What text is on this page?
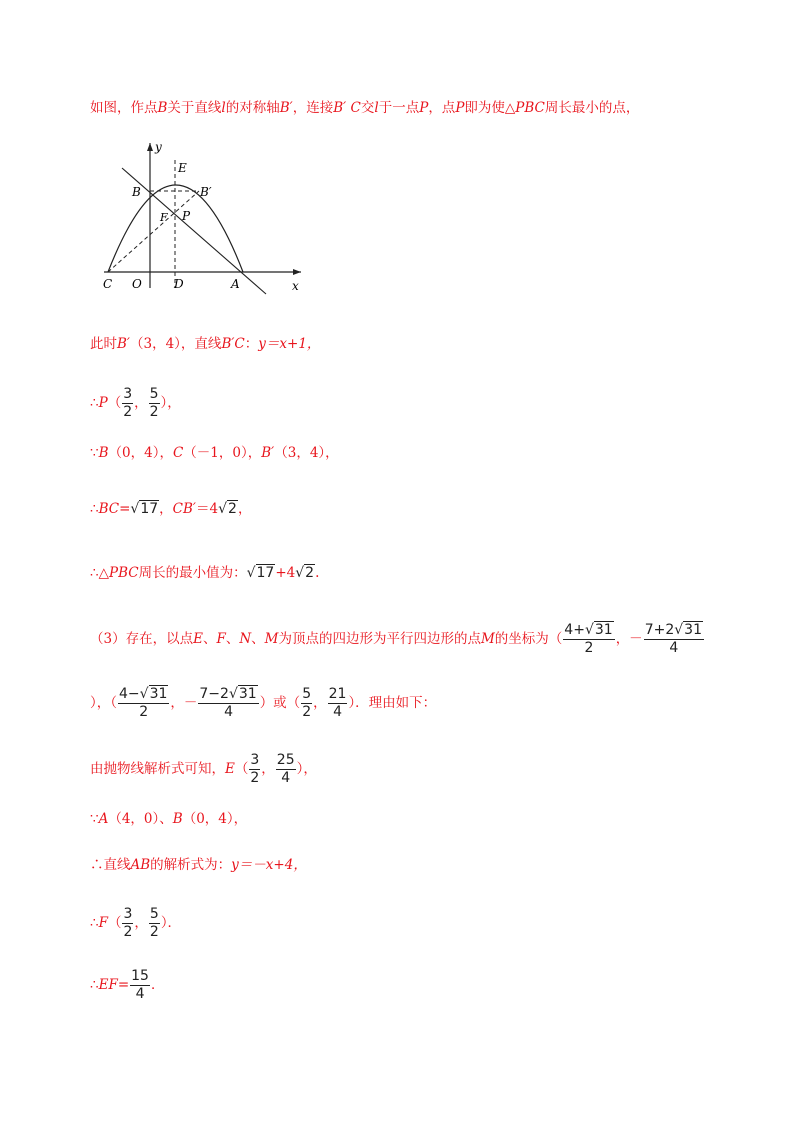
如图，作点B关于直线l的对称轴B′，连接B′ C交l于一点P，点P即为使△PBC周长最小的点，
y
x
E
B	B′
F P
C O	D	A
此时B′（3，4），直线B′C：y＝x+1，
∴P（ $\frac{3}{2}$ ， $\frac{5}{2}$ ），
∵B（0，4），C（－1，0），B′（3，4），
∴BC=√17，CB′＝4√2，
∴△PBC周长的最小值为：√17+4√2.
（3）存在，以点E、F、N、M为顶点的四边形为平行四边形的点M的坐标为（ $\frac{4+√31}{2}$ ，－ $\frac{7+2√31}{4}$
），（ $\frac{4-√31}{2}$ ，－ $\frac{7-2√31}{4}$ ）或（ $\frac{5}{2}$ ， $\frac{21}{4}$ ）．理由如下：
由抛物线解析式可知，$E( \frac{3}{2}$ ， $\frac{25}{4}$ ），
∵A（4，0）、B（0，4），
∴直线AB的解析式为：y＝－x+4，
∴F（ $\frac{3}{2}$ ， $\frac{5}{2}$ ）．
∴EF= $\frac{15}{4}$ ．
